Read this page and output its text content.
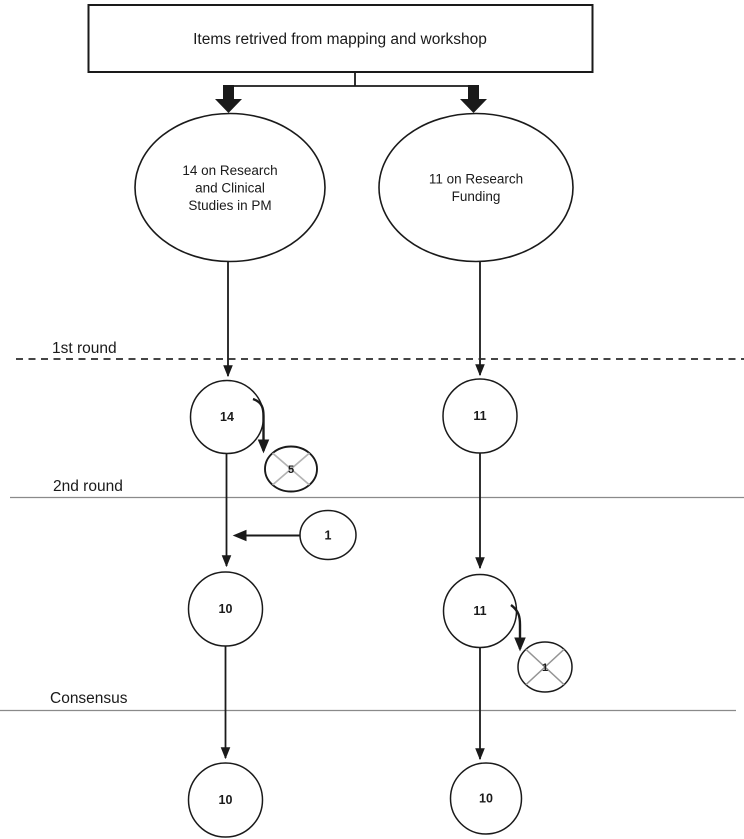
Items retrived from mapping and workshop
14 on Research
and Clinical
Studies in PM
11 on Research
Funding
1st round
14	11
5
2nd round
1
10	11
1
Consensus
10	10
